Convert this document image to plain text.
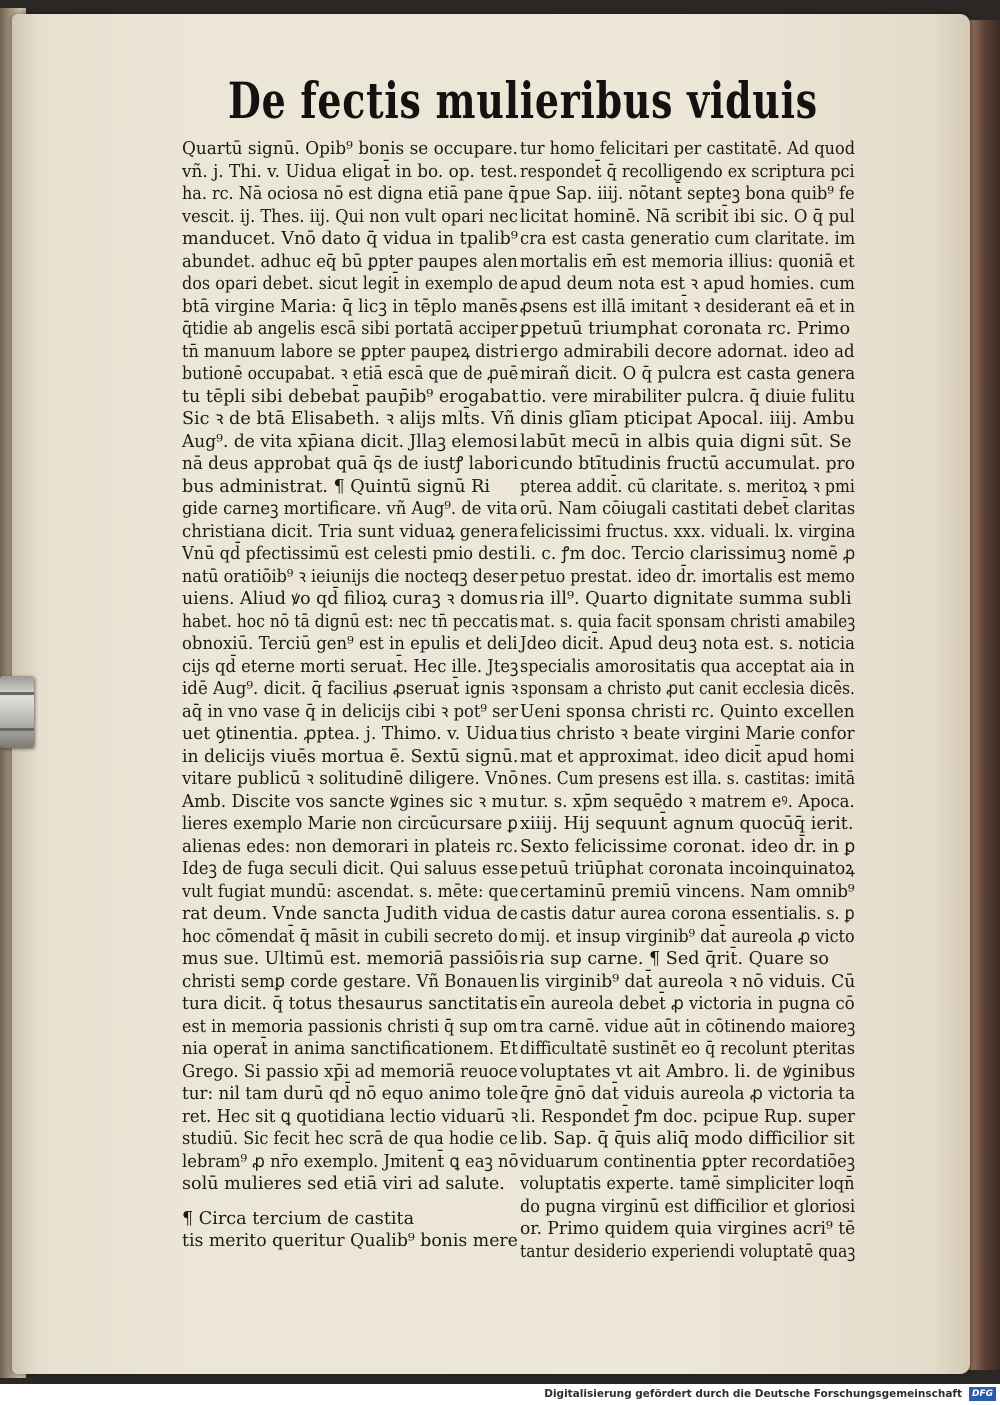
De fectis mulieribus viduis
Quartū signū. Opib⁹ bonis se occupare.
vñ. j. Thi. v. Uidua eligat̄ in bo. op. test.
ha. rc. Nā ociosa nō est digna etiā pane q̄
vescit. ij. Thes. iij. Qui non vult opari nec
manducet. Vnō dato q̄ vidua in tpalib⁹
abundet. adhuc eq̄ bū ꝑpter paupes alen
dos opari debet. sicut legit̄ in exemplo de
btā virgine Maria: q̄ licꝫ in tēplo manēs
q̄tidie ab angelis escā sibi portatā acciper
tn̄ manuum labore se ꝑpter paupeꝝ distri
butionē occupabat. ꝛ etiā escā que de ꝓuē
tu tēpli sibi debebat̄ paup̄ib⁹ erogabat
Sic ꝛ de btā Elisabeth. ꝛ alijs mlt̄s. Vñ
Aug⁹. de vita xp̄iana dicit. Jllaꝫ elemosi
nā deus approbat quā q̄s de iustꝭ labori
bus administrat. ¶ Quintū signū Ri
gide carneꝫ mortificare. vñ Aug⁹. de vita
christiana dicit. Tria sunt viduaꝝ genera
Vnū qd̄ pfectissimū est celesti pmio desti
natū oratiōib⁹ ꝛ ieiunijs die nocteqꝫ deser
uiens. Aliud ꝟo qd̄ filioꝝ curaꝫ ꝛ domus
habet. hoc nō tā dignū est: nec tn̄ peccatis
obnoxiū. Terciū gen⁹ est in epulis et deli
cijs qd̄ eterne morti seruat̄. Hec ille. Jteꝫ
idē Aug⁹. dicit. q̄ facilius ꝓseruat̄ ignis ꝛ
aq̄ in vno vase q̄ in delicijs cibi ꝛ pot⁹ ser
uet ꝯtinentia. ꝓptea. j. Thimo. v. Uidua
in delicijs viuēs mortua ē. Sextū signū.
vitare publicū ꝛ solitudinē diligere. Vnō
Amb. Discite vos sancte ꝟgines sic ꝛ mu
lieres exemplo Marie non circūcursare ꝑ
alienas edes: non demorari in plateis rc.
Ideꝫ de fuga seculi dicit. Qui saluus esse
vult fugiat mundū: ascendat. s. mēte: que
rat deum. Vnde sancta Judith vidua de
hoc cōmendat̄ q̄ māsit in cubili secreto do
mus sue. Ultimū est. memoriā passiōis
christi semꝑ corde gestare. Vñ Bonauen
tura dicit. q̄ totus thesaurus sanctitatis
est in memoria passionis christi q̄ sup om
nia operat̄ in anima sanctificationem. Et
Grego. Si passio xp̄i ad memoriā reuoce
tur: nil tam durū qd̄ nō equo animo tole
ret. Hec sit ꝗ quotidiana lectio viduarū ꝛ
studiū. Sic fecit hec scrā de qua hodie ce
lebram⁹ ꝓ nr̄o exemplo. Jmitent̄ ꝗ eaꝫ nō
solū mulieres sed etiā viri ad salute.
¶ Circa tercium de castita
tis merito queritur Qualib⁹ bonis mere
tur homo felicitari per castitatē. Ad quod
respondet̄ q̄ recolligendo ex scriptura pci
pue Sap. iiij. nōtant̄ septeꝫ bona quib⁹ fe
licitat hominē. Nā scribit̄ ibi sic. O q̄ pul
cra est casta generatio cum claritate. im
mortalis em̄ est memoria illius: quoniā et
apud deum nota est ꝛ apud homies. cum
ꝓsens est illā imitant̄ ꝛ desiderant eā et in
ꝑpetuū triumphat coronata rc. Primo
ergo admirabili decore adornat. ideo ad
mirañ dicit. O q̄ pulcra est casta genera
tio. vere mirabiliter pulcra. q̄ diuie fulitu
dinis glīam pticipat Apocal. iiij. Ambu
labūt mecū in albis quia digni sūt. Se
cundo btītudinis fructū accumulat. pro
pterea addit̄. cū claritate. s. meritoꝝ ꝛ pmi
orū. Nam cōiugali castitati debet̄ claritas
felicissimi fructus. xxx. viduali. lx. virgina
li. c. ꝭm doc. Tercio clarissimuꝫ nomē ꝓ
petuo prestat. ideo d̄r. imortalis est memo
ria ill⁹. Quarto dignitate summa subli
mat. s. quia facit sponsam christi amabileꝫ
Jdeo dicit̄. Apud deuꝫ nota est. s. noticia
specialis amorositatis qua acceptat ai̇a in
sponsam a christo ꝓut canit ecclesia dicēs.
Ueni sponsa christi rc. Quinto excellen
tius christo ꝛ beate virgini Marie confor
mat et approximat. ideo dicit̄ apud homi
nes. Cum presens est illa. s. castitas: imitā
tur. s. xp̄m sequēdo ꝛ matrem eꝰ. Apoca.
xiiij. Hij sequunt̄ agnum quocūq̄ ierit.
Sexto felicissime coronat. ideo d̄r. in ꝑ
petuū triūphat coronata incoinquinatoꝝ
certaminū premiū vincens. Nam omnib⁹
castis datur aurea corona essentialis. s. ꝑ
mij. et insup virginib⁹ dat̄ aureola ꝓ victo
ria sup carne. ¶ Sed q̄rit̄. Quare so
lis virginib⁹ dat̄ aureola ꝛ nō viduis. Cū
eīn aureola debet̄ ꝓ victoria in pugna cō
tra carnē. vidue aūt in cōtinendo maioreꝫ
difficultatē sustinēt eo q̄ recolunt pteritas
voluptates vt ait Ambro. li. de ꝟginibus
q̄re ḡnō dat̄ viduis aureola ꝓ victoria ta
li. Respondet̄ ꝭm doc. pcipue Rup. super
lib. Sap. q̄ q̄uis aliq̄ modo difficilior sit
viduarum continentia ꝑpter recordatiōeꝫ
voluptatis experte. tamē simpliciter loqn̄
do pugna virginū est difficilior et gloriosi
or. Primo quidem quia virgines acri⁹ tē
tantur desiderio experiendi voluptatē quaꝫ
Digitalisierung gefördert durch die Deutsche Forschungsgemeinschaft	DFG
